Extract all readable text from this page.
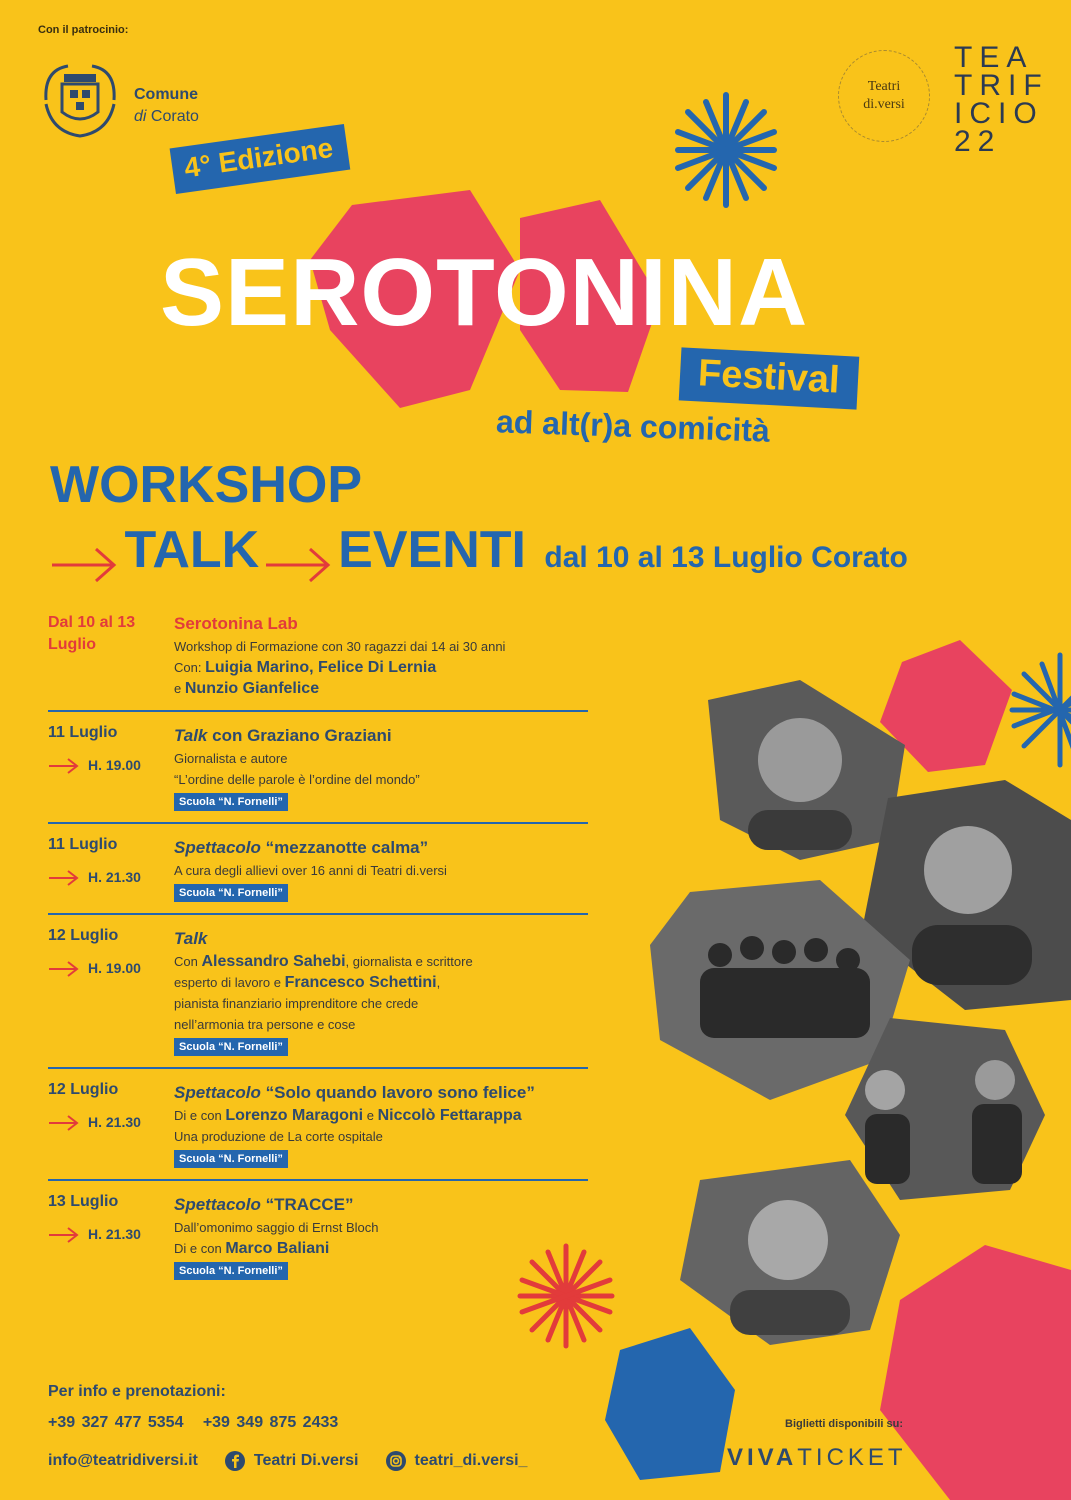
Con il patrocinio:
Comune
di Corato
Teatri
di.versi
TEATRIFICIO22
4° Edizione
SEROTONINA
Festival
ad alt(r)a comicità
WORKSHOP
TALK EVENTI dal 10 al 13 Luglio Corato
Dal 10 al 13 Luglio
Serotonina Lab
Workshop di Formazione con 30 ragazzi dai 14 ai 30 anni
Con: Luigia Marino, Felice Di Lernia
e Nunzio Gianfelice
11 Luglio
H. 19.00
Talk con Graziano Graziani
Giornalista e autore
“L’ordine delle parole è l’ordine del mondo”
Scuola “N. Fornelli”
11 Luglio
H. 21.30
Spettacolo “mezzanotte calma”
A cura degli allievi over 16 anni di Teatri di.versi
Scuola “N. Fornelli”
12 Luglio
H. 19.00
Talk
Con Alessandro Sahebi, giornalista e scrittore
esperto di lavoro e Francesco Schettini,
pianista finanziario imprenditore che crede
nell’armonia tra persone e cose
Scuola “N. Fornelli”
12 Luglio
H. 21.30
Spettacolo “Solo quando lavoro sono felice”
Di e con Lorenzo Maragoni e Niccolò Fettarappa
Una produzione de La corte ospitale
Scuola “N. Fornelli”
13 Luglio
H. 21.30
Spettacolo “TRACCE”
Dall’omonimo saggio di Ernst Bloch
Di e con Marco Baliani
Scuola “N. Fornelli”
Per info e prenotazioni:
+39 327 477 5354 +39 349 875 2433
info@teatridiversi.it	Teatri Di.versi	teatri_di.versi_
Biglietti disponibili su:
VIVATICKET
